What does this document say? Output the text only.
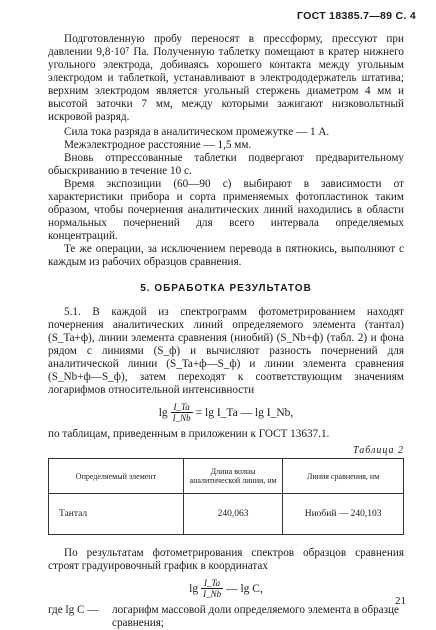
ГОСТ 18385.7—89 С. 4

Подготовленную пробу переносят в прессформу, прессуют при давлении 9,8·10⁷ Па. Полученную таблетку помещают в кратер нижнего угольного электрода, добиваясь хорошего контакта между угольным электродом и таблеткой, устанавливают в электрододержатель штатива; верхним электродом является угольный стержень диаметром 4 мм и высотой заточки 7 мм, между которыми зажигают низковольтный искровой разряд.

Сила тока разряда в аналитическом промежутке — 1 А.

Межэлектродное расстояние — 1,5 мм.

Вновь отпрессованные таблетки подвергают предварительному обыскриванию в течение 10 с.

Время экспозиции (60—90 с) выбирают в зависимости от характеристики прибора и сорта применяемых фотопластинок таким образом, чтобы почернения аналитических линий находились в области нормальных почернений для всего интервала определяемых концентраций.

Те же операции, за исключением перевода в пятнокись, выполняют с каждым из рабочих образцов сравнения.

5. ОБРАБОТКА РЕЗУЛЬТАТОВ

5.1. В каждой из спектрограмм фотометрированием находят почернения аналитических линий определяемого элемента (тантал) (S_Ta+ф), линии элемента сравнения (ниобий) (S_Nb+ф) (табл. 2) и фона рядом с линиями (S_ф) и вычисляют разность почернений для аналитической линии (S_Ta+ф—S_ф) и линии элемента сравнения (S_Nb+ф—S_ф), затем переходят к соответствующим значениям логарифмов относительной интенсивности

$\lg \frac{I\_Ta}{I\_Nb} = \lg$ I_Ta — lg I_Nb,

по таблицам, приведенным в приложении к ГОСТ 13637.1.

Таблица 2
Определяемый элемент	Длина волны аналитической линии, нм	Линия сравнения, нм
Тантал	240,063	Ниобий — 240,103

По результатам фотометрирования спектров образцов сравнения строят градуировочный график в координатах

$\lg \frac{I\_Ta}{I\_Nb}$ — lg C,
где lg C —	логарифм массовой доли определяемого элемента в образце сравнения;
21
